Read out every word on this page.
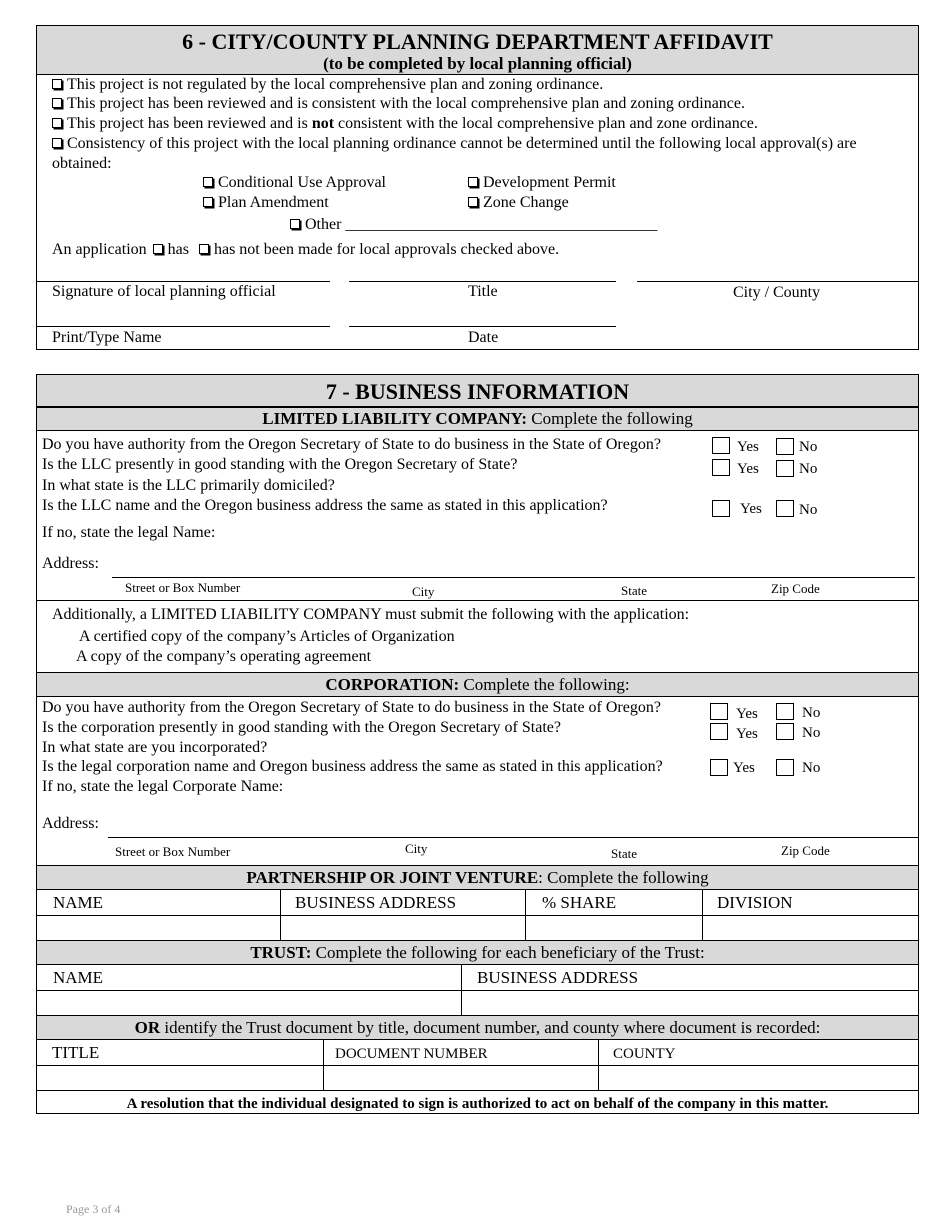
6 - CITY/COUNTY PLANNING DEPARTMENT AFFIDAVIT
(to be completed by local planning official)
This project is not regulated by the local comprehensive plan and zoning ordinance.
This project has been reviewed and is consistent with the local comprehensive plan and zoning ordinance.
This project has been reviewed and is not consistent with the local comprehensive plan and zone ordinance.
Consistency of this project with the local planning ordinance cannot be determined until the following local approval(s) are
obtained:
Conditional Use Approval	Development Permit
Plan Amendment	Zone Change
Other _______________________________________
An application has has not been made for local approvals checked above.
Signature of local planning official	Title	City / County
Print/Type Name	Date
7 - BUSINESS INFORMATION
LIMITED LIABILITY COMPANY: Complete the following
Do you have authority from the Oregon Secretary of State to do business in the State of Oregon?
Is the LLC presently in good standing with the Oregon Secretary of State?
In what state is the LLC primarily domiciled?
Is the LLC name and the Oregon business address the same as stated in this application?
Yes	No
Yes	No
Yes No
If no, state the legal Name:
Address:
Street or Box Number	City	State	Zip Code
Additionally, a LIMITED LIABILITY COMPANY must submit the following with the application:
A certified copy of the company’s Articles of Organization
A copy of the company’s operating agreement
CORPORATION: Complete the following:
Do you have authority from the Oregon Secretary of State to do business in the State of Oregon?
Is the corporation presently in good standing with the Oregon Secretary of State?
In what state are you incorporated?
Is the legal corporation name and Oregon business address the same as stated in this application?
If no, state the legal Corporate Name:
Yes	No
Yes	No
Yes	No
Address:
Street or Box Number	City	State	Zip Code
PARTNERSHIP OR JOINT VENTURE: Complete the following
NAME	BUSINESS ADDRESS	% SHARE	DIVISION
TRUST: Complete the following for each beneficiary of the Trust:
NAME	BUSINESS ADDRESS
OR identify the Trust document by title, document number, and county where document is recorded:
TITLE	DOCUMENT NUMBER	COUNTY
A resolution that the individual designated to sign is authorized to act on behalf of the company in this matter.
Page 3 of 4
